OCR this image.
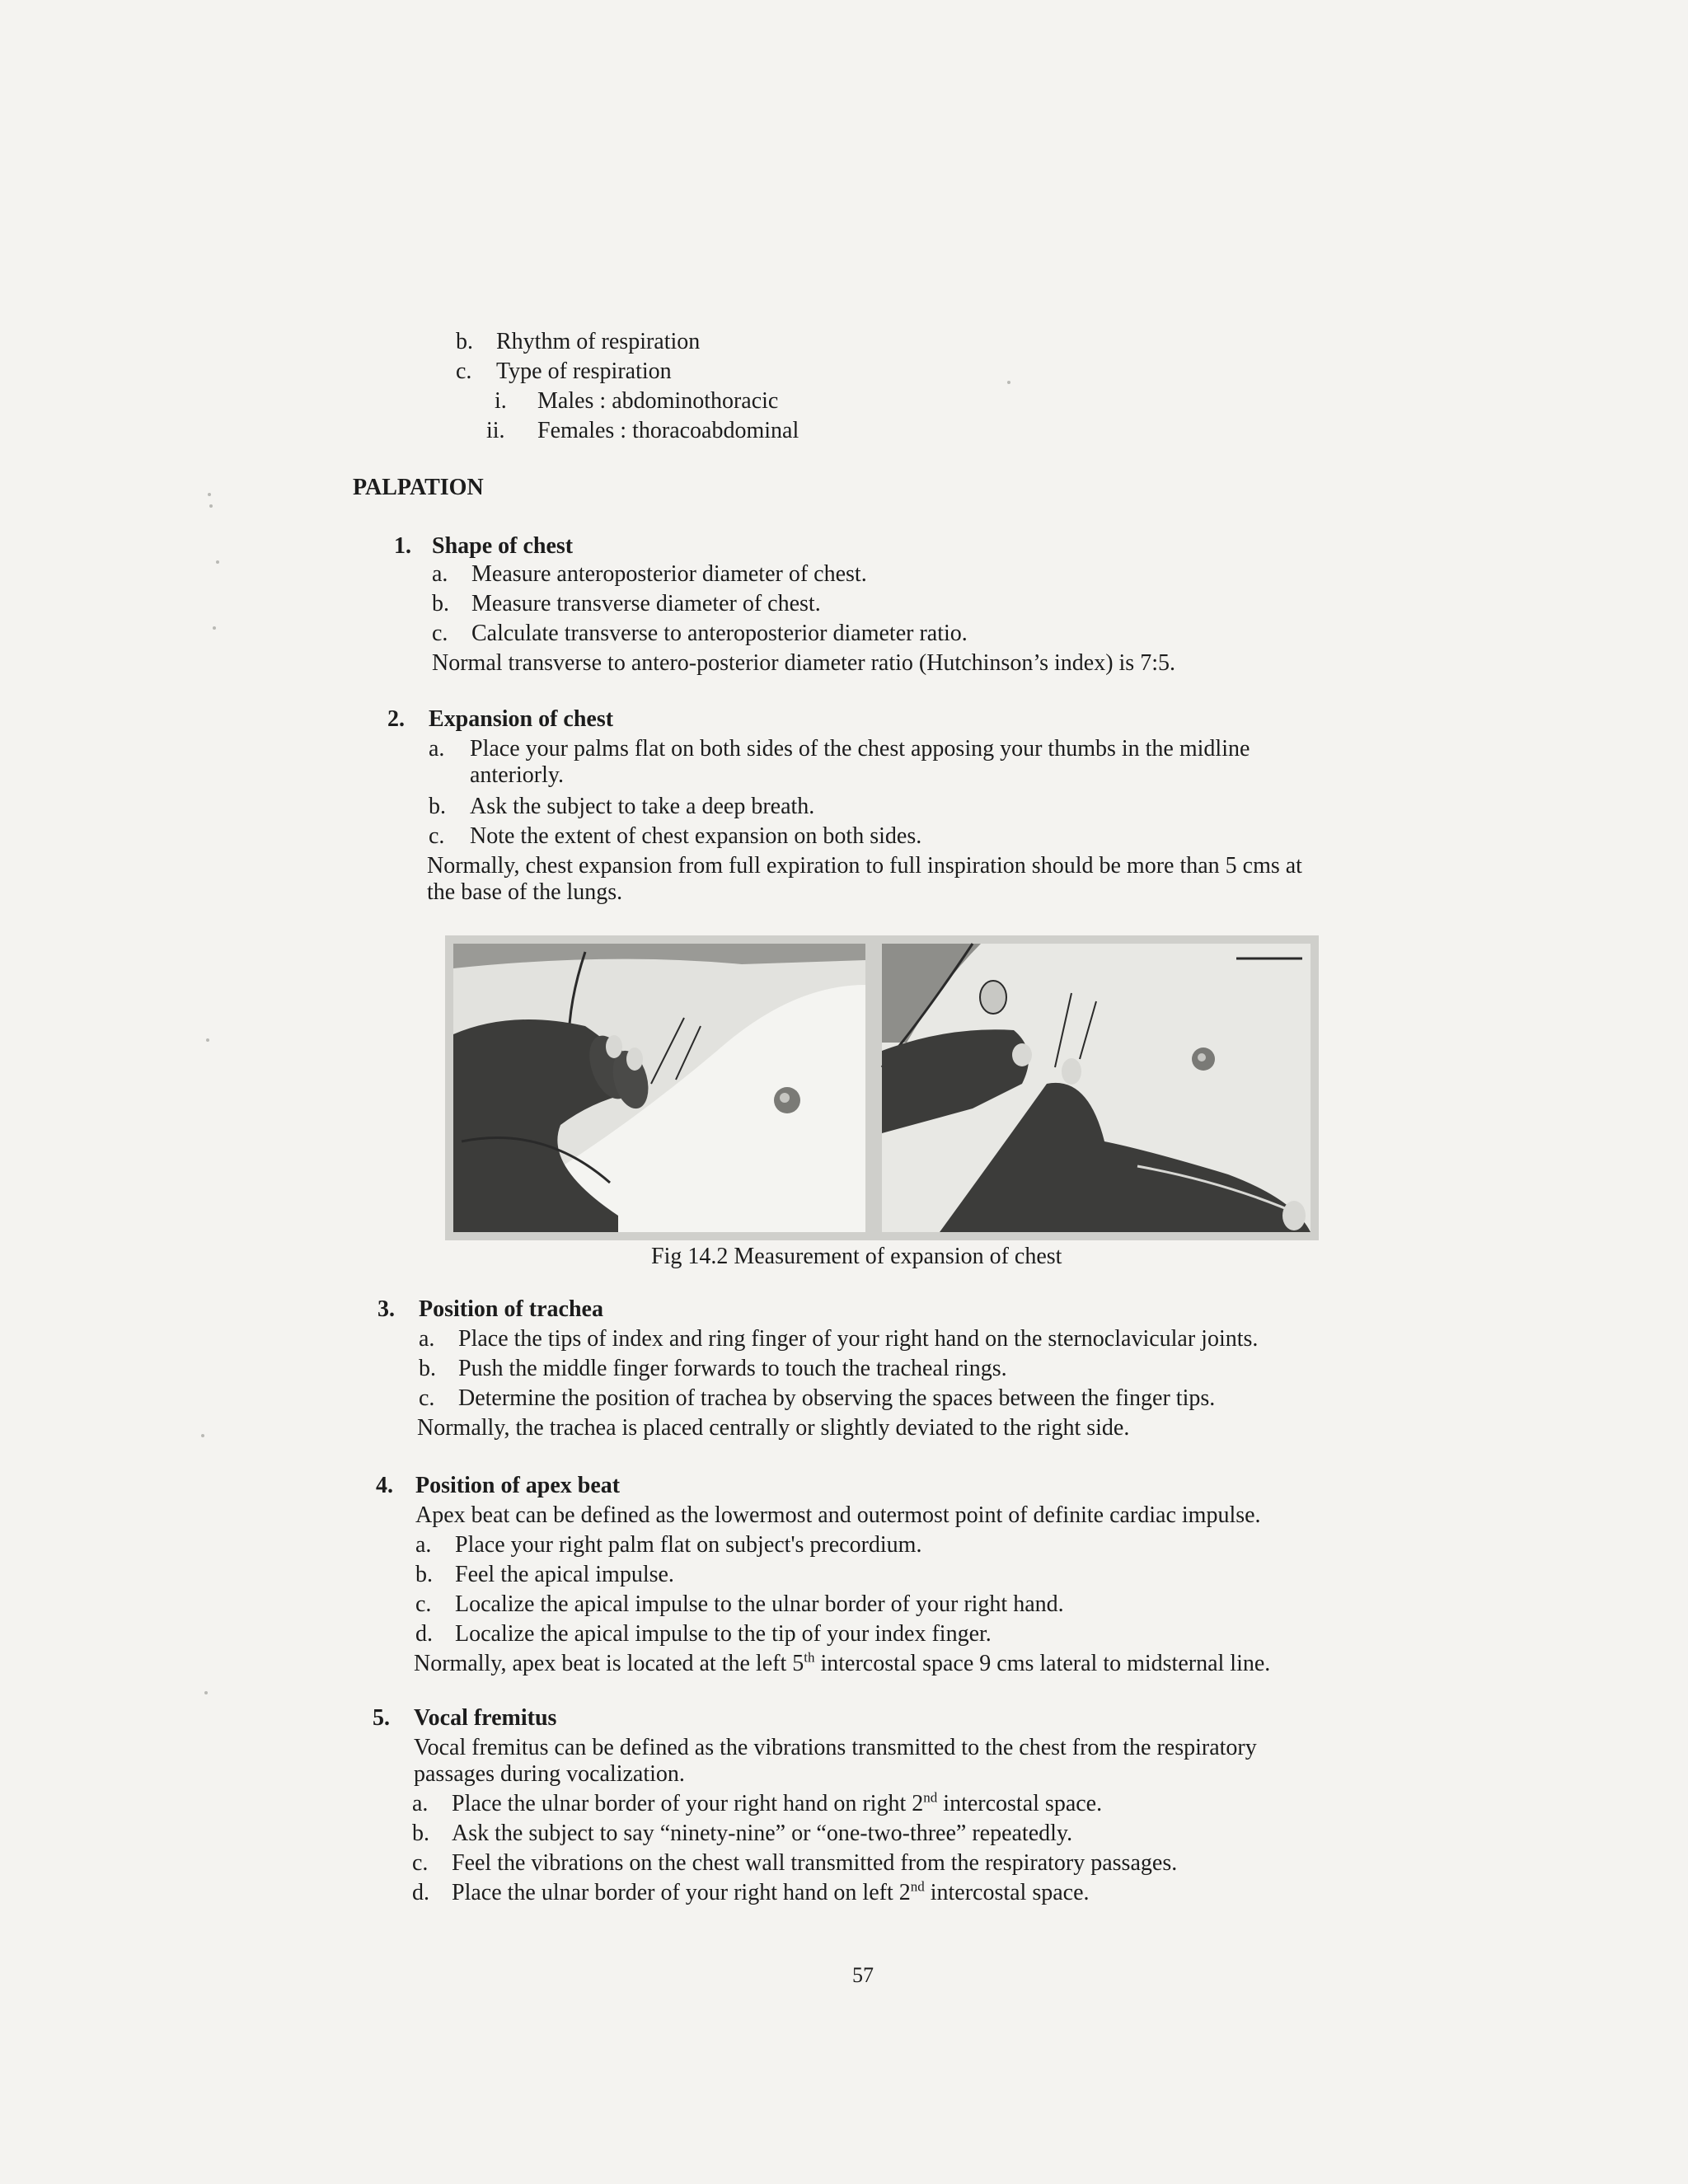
b. Rhythm of respiration
c. Type of respiration
i. Males : abdominothoracic
ii. Females : thoracoabdominal
PALPATION
1. Shape of chest
a. Measure anteroposterior diameter of chest.
b. Measure transverse diameter of chest.
c. Calculate transverse to anteroposterior diameter ratio.
Normal transverse to antero-posterior diameter ratio (Hutchinson’s index) is 7:5.
2. Expansion of chest
a. Place your palms flat on both sides of the chest apposing your thumbs in the midline
anteriorly.
b. Ask the subject to take a deep breath.
c. Note the extent of chest expansion on both sides.
Normally, chest expansion from full expiration to full inspiration should be more than 5 cms at
the base of the lungs.
Fig 14.2 Measurement of expansion of chest
3. Position of trachea
a. Place the tips of index and ring finger of your right hand on the sternoclavicular joints.
b. Push the middle finger forwards to touch the tracheal rings.
c. Determine the position of trachea by observing the spaces between the finger tips.
Normally, the trachea is placed centrally or slightly deviated to the right side.
4. Position of apex beat
Apex beat can be defined as the lowermost and outermost point of definite cardiac impulse.
a. Place your right palm flat on subject's precordium.
b. Feel the apical impulse.
c. Localize the apical impulse to the ulnar border of your right hand.
d. Localize the apical impulse to the tip of your index finger.
Normally, apex beat is located at the left 5th intercostal space 9 cms lateral to midsternal line.
5. Vocal fremitus
Vocal fremitus can be defined as the vibrations transmitted to the chest from the respiratory
passages during vocalization.
a. Place the ulnar border of your right hand on right 2nd intercostal space.
b. Ask the subject to say “ninety-nine” or “one-two-three” repeatedly.
c. Feel the vibrations on the chest wall transmitted from the respiratory passages.
d. Place the ulnar border of your right hand on left 2nd intercostal space.
57
